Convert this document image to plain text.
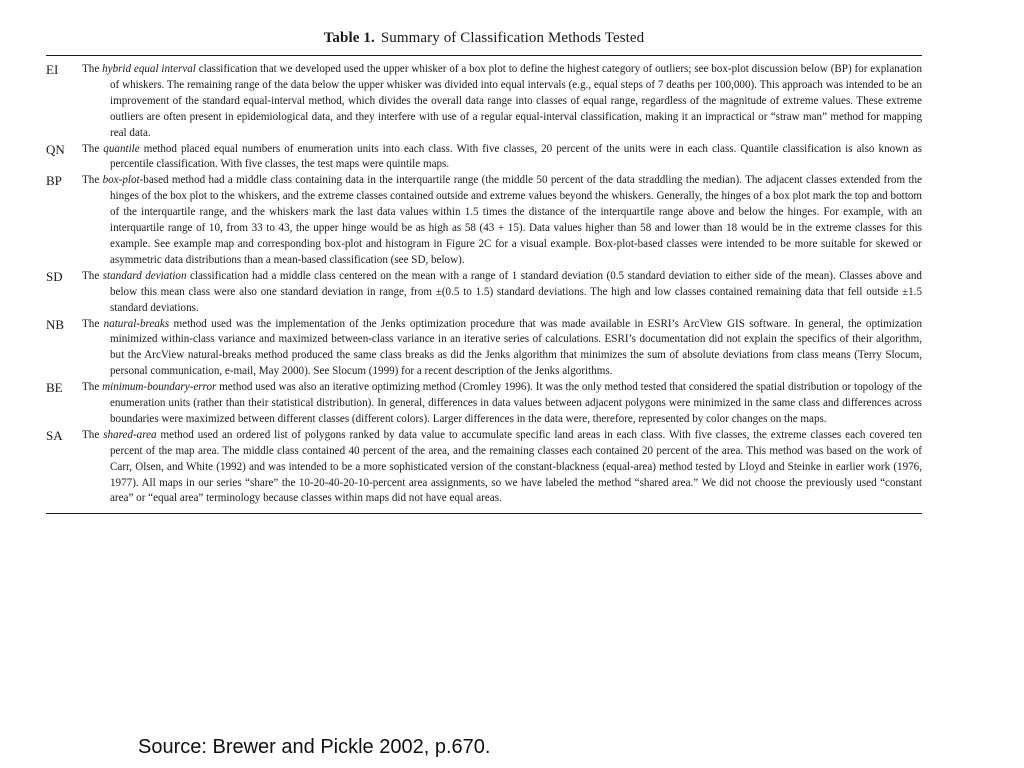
Table 1. Summary of Classification Methods Tested
EI	The hybrid equal interval classification that we developed used the upper whisker of a box plot to define the highest category of outliers; see box-plot discussion below (BP) for explanation of whiskers. The remaining range of the data below the upper whisker was divided into equal intervals (e.g., equal steps of 7 deaths per 100,000). This approach was intended to be an improvement of the standard equal-interval method, which divides the overall data range into classes of equal range, regardless of the magnitude of extreme values. These extreme outliers are often present in epidemiological data, and they interfere with use of a regular equal-interval classification, making it an impractical or “straw man” method for mapping real data.
QN	The quantile method placed equal numbers of enumeration units into each class. With five classes, 20 percent of the units were in each class. Quantile classification is also known as percentile classification. With five classes, the test maps were quintile maps.
BP	The box-plot-based method had a middle class containing data in the interquartile range (the middle 50 percent of the data straddling the median). The adjacent classes extended from the hinges of the box plot to the whiskers, and the extreme classes contained outside and extreme values beyond the whiskers. Generally, the hinges of a box plot mark the top and bottom of the interquartile range, and the whiskers mark the last data values within 1.5 times the distance of the interquartile range above and below the hinges. For example, with an interquartile range of 10, from 33 to 43, the upper hinge would be as high as 58 (43 + 15). Data values higher than 58 and lower than 18 would be in the extreme classes for this example. See example map and corresponding box-plot and histogram in Figure 2C for a visual example. Box-plot-based classes were intended to be more suitable for skewed or asymmetric data distributions than a mean-based classification (see SD, below).
SD	The standard deviation classification had a middle class centered on the mean with a range of 1 standard deviation (0.5 standard deviation to either side of the mean). Classes above and below this mean class were also one standard deviation in range, from ±(0.5 to 1.5) standard deviations. The high and low classes contained remaining data that fell outside ±1.5 standard deviations.
NB	The natural-breaks method used was the implementation of the Jenks optimization procedure that was made available in ESRI’s ArcView GIS software. In general, the optimization minimized within-class variance and maximized between-class variance in an iterative series of calculations. ESRI’s documentation did not explain the specifics of their algorithm, but the ArcView natural-breaks method produced the same class breaks as did the Jenks algorithm that minimizes the sum of absolute deviations from class means (Terry Slocum, personal communication, e-mail, May 2000). See Slocum (1999) for a recent description of the Jenks algorithms.
BE	The minimum-boundary-error method used was also an iterative optimizing method (Cromley 1996). It was the only method tested that considered the spatial distribution or topology of the enumeration units (rather than their statistical distribution). In general, differences in data values between adjacent polygons were minimized in the same class and differences across boundaries were maximized between different classes (different colors). Larger differences in the data were, therefore, represented by color changes on the maps.
SA	The shared-area method used an ordered list of polygons ranked by data value to accumulate specific land areas in each class. With five classes, the extreme classes each covered ten percent of the map area. The middle class contained 40 percent of the area, and the remaining classes each contained 20 percent of the area. This method was based on the work of Carr, Olsen, and White (1992) and was intended to be a more sophisticated version of the constant-blackness (equal-area) method tested by Lloyd and Steinke in earlier work (1976, 1977). All maps in our series “share” the 10-20-40-20-10-percent area assignments, so we have labeled the method “shared area.” We did not choose the previously used “constant area” or “equal area” terminology because classes within maps did not have equal areas.
Source: Brewer and Pickle 2002, p.670.
